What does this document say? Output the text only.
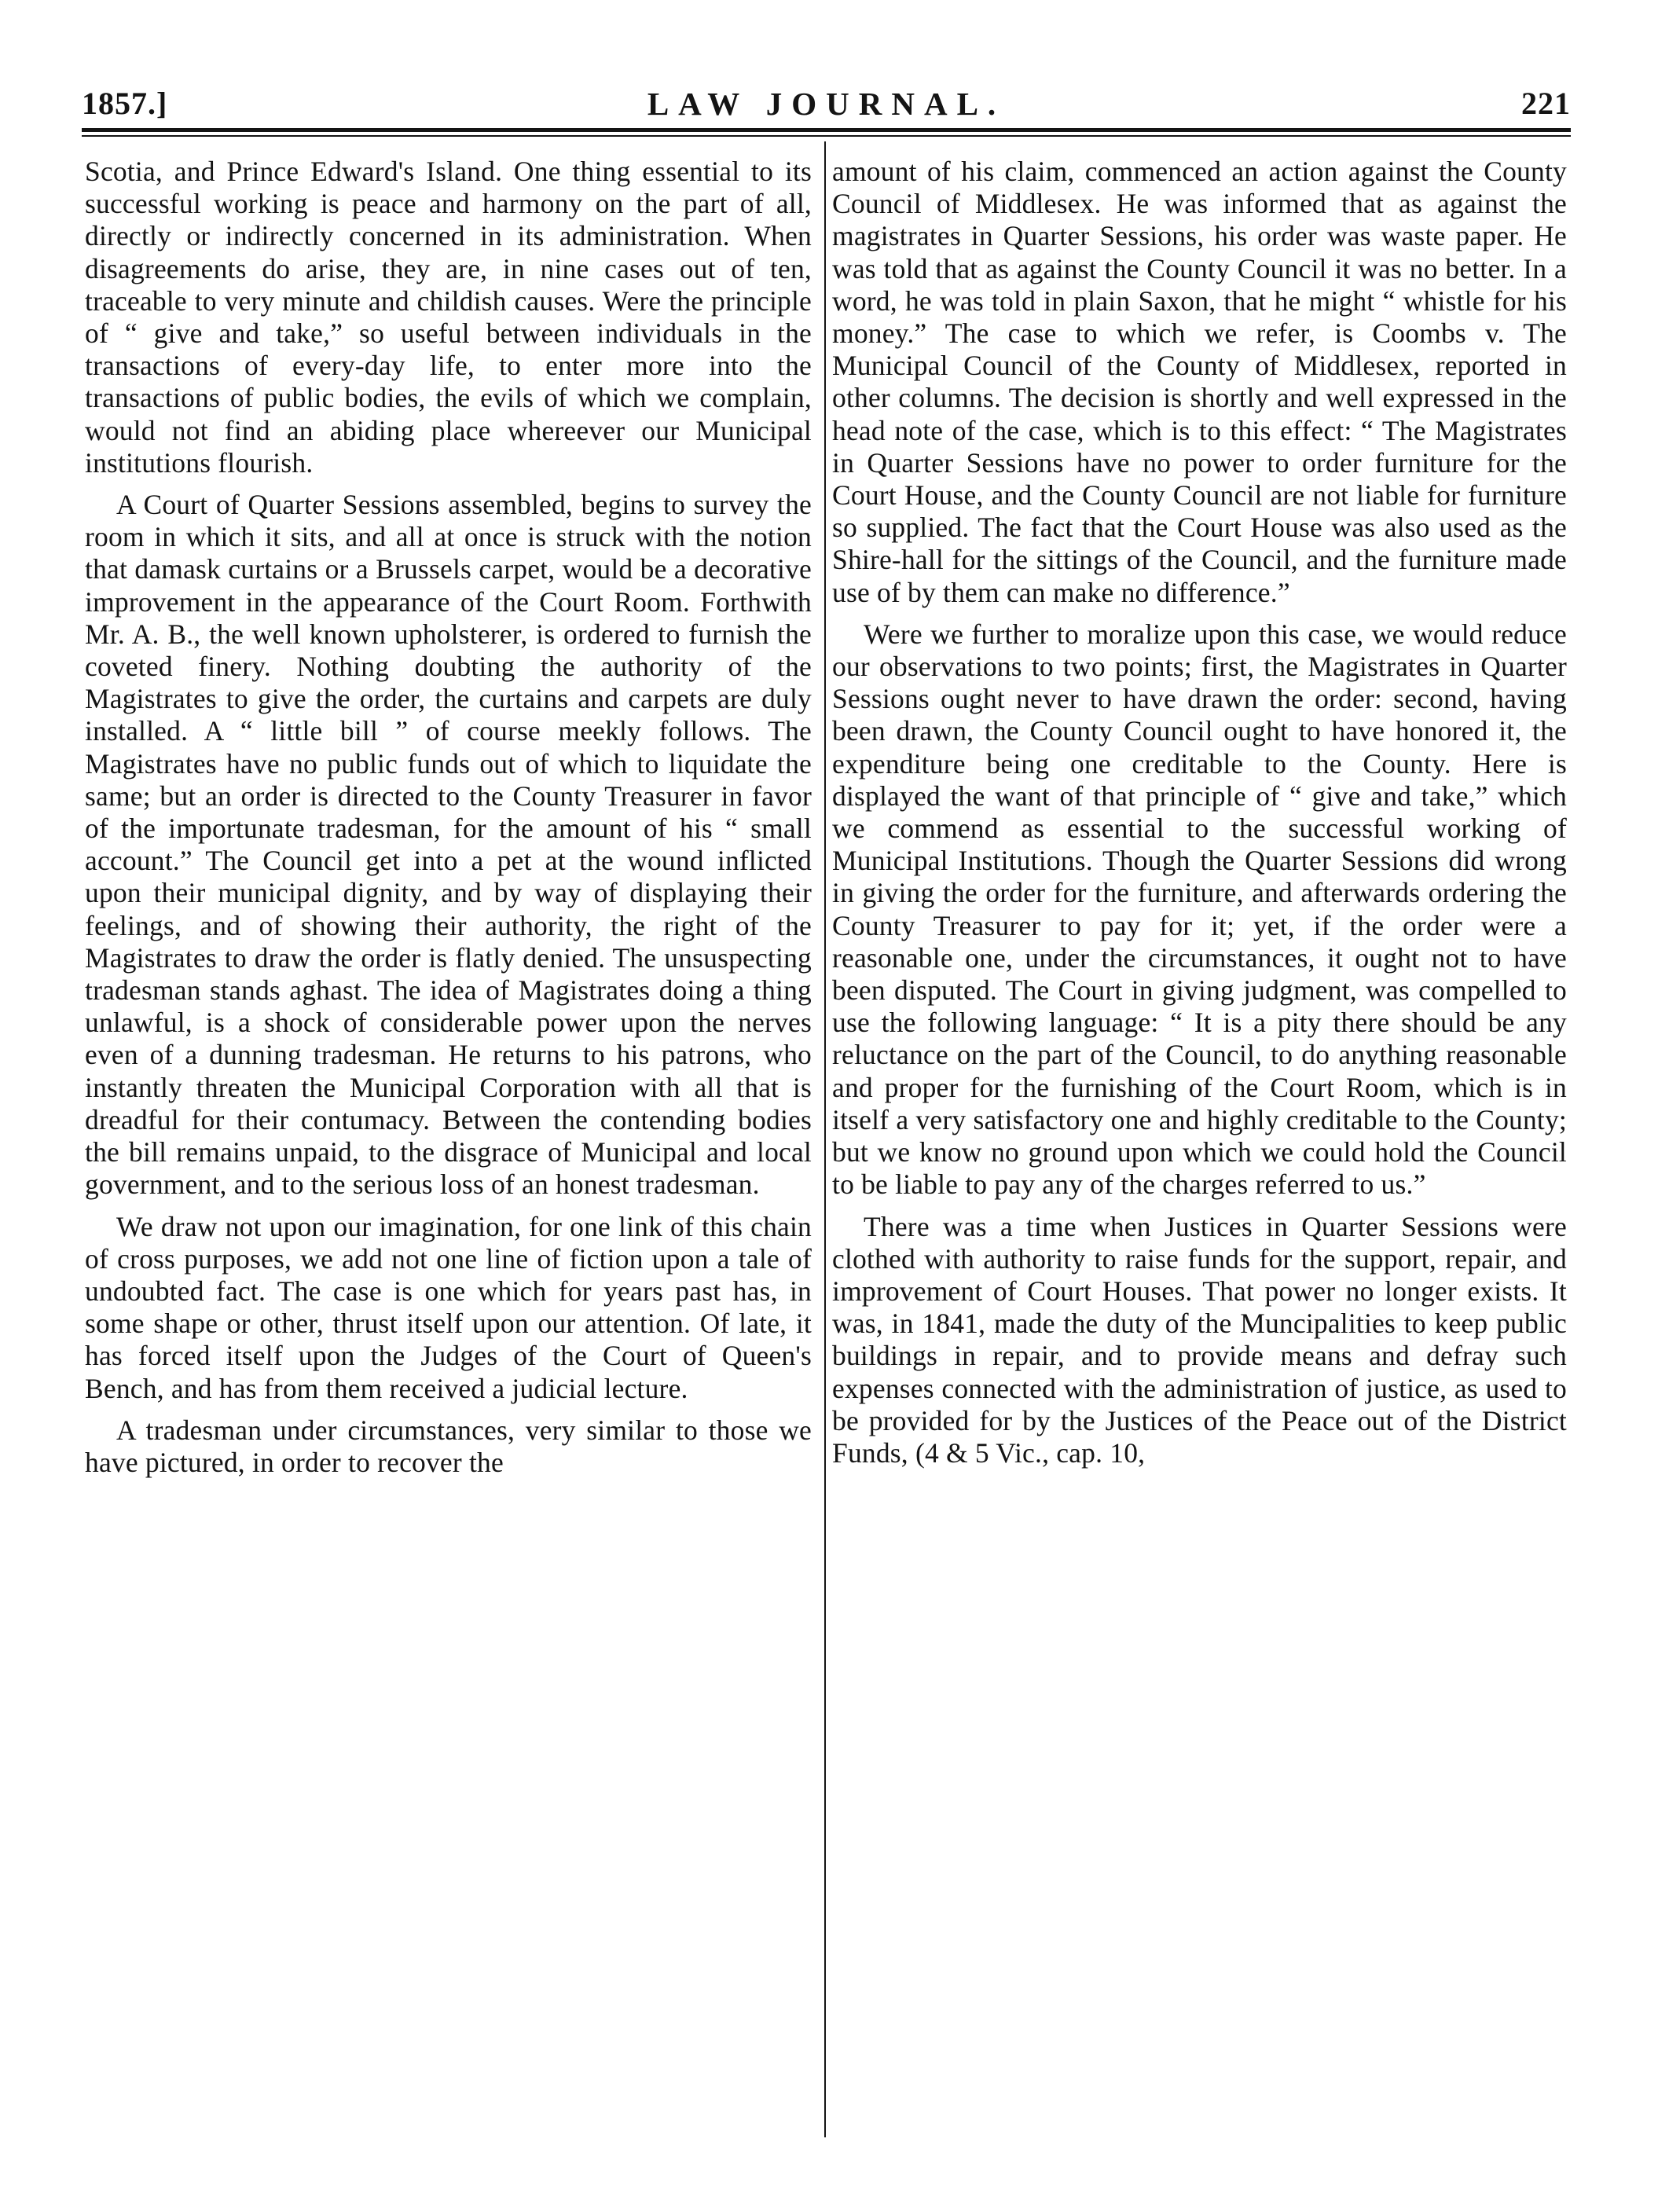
1857.]	LAW JOURNAL.	221

Scotia, and Prince Edward's Island. One thing essential to its successful working is peace and harmony on the part of all, directly or indirectly concerned in its administration. When disagreements do arise, they are, in nine cases out of ten, traceable to very minute and childish causes. Were the principle of “ give and take,” so useful between individuals in the transactions of every-day life, to enter more into the transactions of public bodies, the evils of which we complain, would not find an abiding place whereever our Municipal institutions flourish.

A Court of Quarter Sessions assembled, begins to survey the room in which it sits, and all at once is struck with the notion that damask curtains or a Brussels carpet, would be a decorative improvement in the appearance of the Court Room. Forthwith Mr. A. B., the well known upholsterer, is ordered to furnish the coveted finery. Nothing doubting the authority of the Magistrates to give the order, the curtains and carpets are duly installed. A “ little bill ” of course meekly follows. The Magistrates have no public funds out of which to liquidate the same; but an order is directed to the County Treasurer in favor of the importunate tradesman, for the amount of his “ small account.” The Council get into a pet at the wound inflicted upon their municipal dignity, and by way of displaying their feelings, and of showing their authority, the right of the Magistrates to draw the order is flatly denied. The unsuspecting tradesman stands aghast. The idea of Magistrates doing a thing unlawful, is a shock of considerable power upon the nerves even of a dunning tradesman. He returns to his patrons, who instantly threaten the Municipal Corporation with all that is dreadful for their contumacy. Between the contending bodies the bill remains unpaid, to the disgrace of Municipal and local government, and to the serious loss of an honest tradesman.

We draw not upon our imagination, for one link of this chain of cross purposes, we add not one line of fiction upon a tale of undoubted fact. The case is one which for years past has, in some shape or other, thrust itself upon our attention. Of late, it has forced itself upon the Judges of the Court of Queen's Bench, and has from them received a judicial lecture.

A tradesman under circumstances, very similar to those we have pictured, in order to recover the

amount of his claim, commenced an action against the County Council of Middlesex. He was informed that as against the magistrates in Quarter Sessions, his order was waste paper. He was told that as against the County Council it was no better. In a word, he was told in plain Saxon, that he might “ whistle for his money.” The case to which we refer, is Coombs v. The Municipal Council of the County of Middlesex, reported in other columns. The decision is shortly and well expressed in the head note of the case, which is to this effect: “ The Magistrates in Quarter Sessions have no power to order furniture for the Court House, and the County Council are not liable for furniture so supplied. The fact that the Court House was also used as the Shire-hall for the sittings of the Council, and the furniture made use of by them can make no difference.”

Were we further to moralize upon this case, we would reduce our observations to two points; first, the Magistrates in Quarter Sessions ought never to have drawn the order: second, having been drawn, the County Council ought to have honored it, the expenditure being one creditable to the County. Here is displayed the want of that principle of “ give and take,” which we commend as essential to the successful working of Municipal Institutions. Though the Quarter Sessions did wrong in giving the order for the furniture, and afterwards ordering the County Treasurer to pay for it; yet, if the order were a reasonable one, under the circumstances, it ought not to have been disputed. The Court in giving judgment, was compelled to use the following language: “ It is a pity there should be any reluctance on the part of the Council, to do anything reasonable and proper for the furnishing of the Court Room, which is in itself a very satisfactory one and highly creditable to the County; but we know no ground upon which we could hold the Council to be liable to pay any of the charges referred to us.”

There was a time when Justices in Quarter Sessions were clothed with authority to raise funds for the support, repair, and improvement of Court Houses. That power no longer exists. It was, in 1841, made the duty of the Muncipalities to keep public buildings in repair, and to provide means and defray such expenses connected with the administration of justice, as used to be provided for by the Justices of the Peace out of the District Funds, (4 & 5 Vic., cap. 10,
